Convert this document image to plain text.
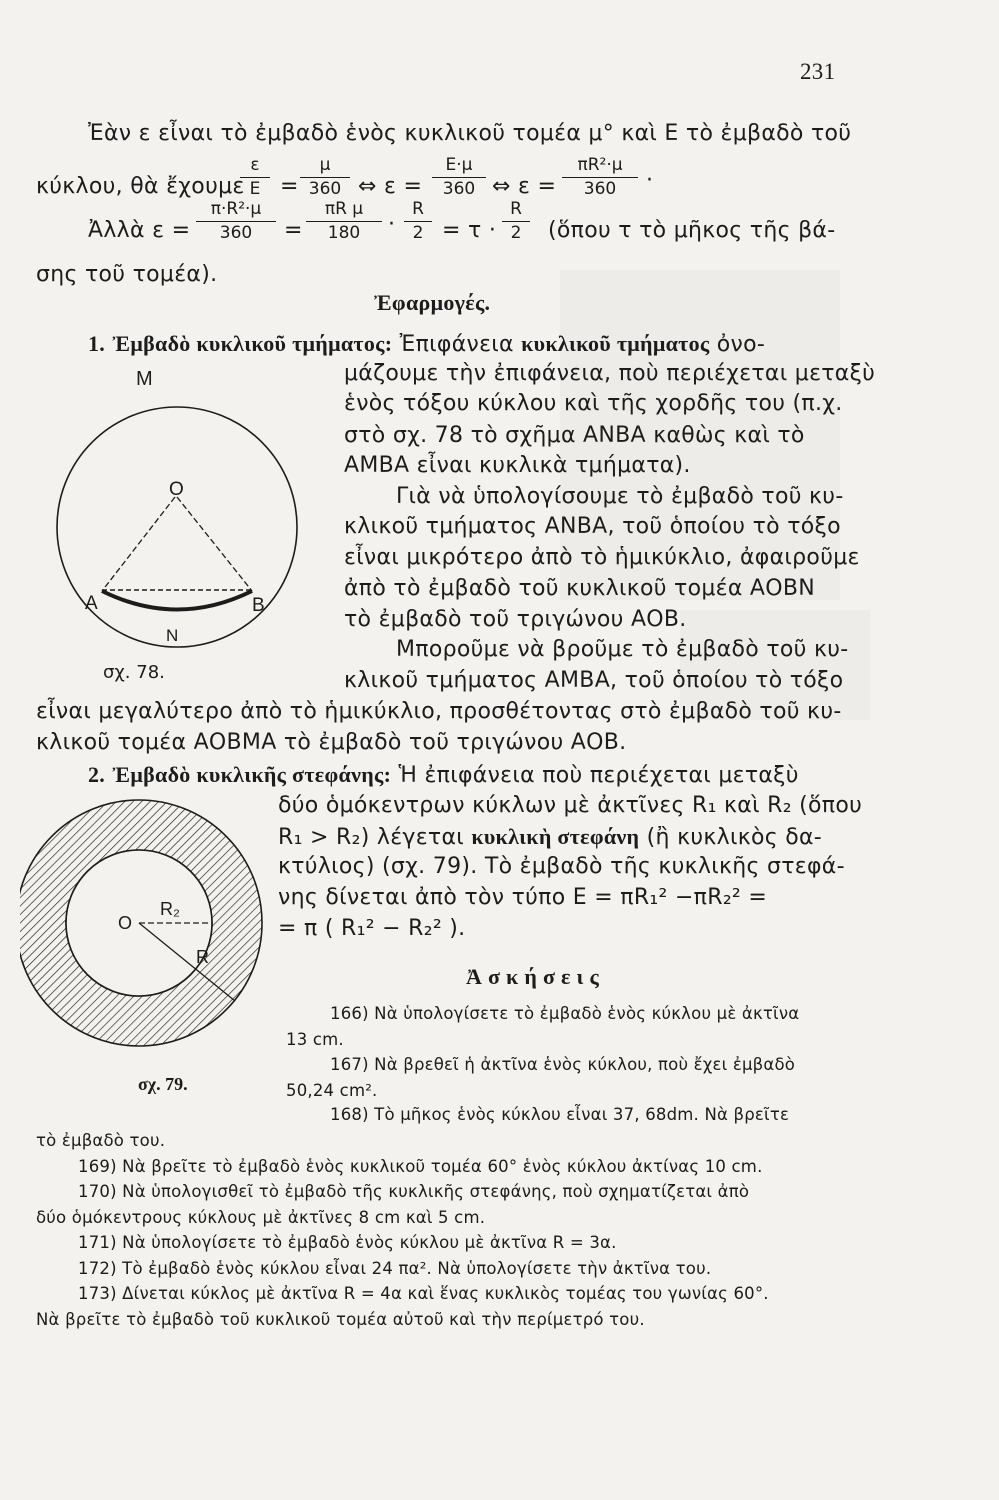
231
Ἐὰν ε εἶναι τὸ ἐμβαδὸ ἑνὸς κυκλικοῦ τομέα μ° καὶ Ε τὸ ἐμβαδὸ τοῦ
κύκλου, θὰ ἔχουμε
ε
E =
μ
360 ⇔ ε =
E·μ
360 ⇔ ε =
πR²·μ
360	·
Ἀλλὰ ε =
π·R²·μ
360	=
πR μ
180	·
R
2 = τ ·
R
2	(ὅπου τ τὸ μῆκος τῆς βά-
σης τοῦ τομέα).
Ἐφαρμογές.
1. Ἐμβαδὸ κυκλικοῦ τμήματος: Ἐπιφάνεια κυκλικοῦ τμήματος ὀνο-
μάζουμε τὴν ἐπιφάνεια, ποὺ περιέχεται μεταξὺ
ἑνὸς τόξου κύκλου καὶ τῆς χορδῆς του (π.χ.
στὸ σχ. 78 τὸ σχῆμα ΑΝΒΑ καθὼς καὶ τὸ
ΑΜΒΑ εἶναι κυκλικὰ τμήματα).
Γιὰ νὰ ὑπολογίσουμε τὸ ἐμβαδὸ τοῦ κυ-
κλικοῦ τμήματος ΑΝΒΑ, τοῦ ὁποίου τὸ τόξο
εἶναι μικρότερο ἀπὸ τὸ ἡμικύκλιο, ἀφαιροῦμε
ἀπὸ τὸ ἐμβαδὸ τοῦ κυκλικοῦ τομέα ΑΟΒΝ
τὸ ἐμβαδὸ τοῦ τριγώνου ΑΟΒ.
Μποροῦμε νὰ βροῦμε τὸ ἐμβαδὸ τοῦ κυ-
κλικοῦ τμήματος ΑΜΒΑ, τοῦ ὁποίου τὸ τόξο
εἶναι μεγαλύτερο ἀπὸ τὸ ἡμικύκλιο, προσθέτοντας στὸ ἐμβαδὸ τοῦ κυ-
κλικοῦ τομέα ΑΟΒΜΑ τὸ ἐμβαδὸ τοῦ τριγώνου ΑΟΒ.
M
O
A	B
N
σχ. 78.
2. Ἐμβαδὸ κυκλικῆς στεφάνης: Ἡ ἐπιφάνεια ποὺ περιέχεται μεταξὺ
δύο ὁμόκεντρων κύκλων μὲ ἀκτῖνες R₁ καὶ R₂ (ὅπου
R₁ > R₂) λέγεται κυκλικὴ στεφάνη (ἢ κυκλικὸς δα-
κτύλιος) (σχ. 79). Τὸ ἐμβαδὸ τῆς κυκλικῆς στεφά-
νης δίνεται ἀπὸ τὸν τύπο E = πR₁² −πR₂² =
= π ( R₁² − R₂² ).
O
R₂
R
σχ. 79.
Ἀ σ κ ή σ ε ι ς
166) Νὰ ὑπολογίσετε τὸ ἐμβαδὸ ἑνὸς κύκλου μὲ ἀκτῖνα
13 cm.
167) Νὰ βρεθεῖ ἡ ἀκτῖνα ἑνὸς κύκλου, ποὺ ἔχει ἐμβαδὸ
50,24 cm².
168) Τὸ μῆκος ἑνὸς κύκλου εἶναι 37, 68dm. Νὰ βρεῖτε
τὸ ἐμβαδὸ του.
169) Νὰ βρεῖτε τὸ ἐμβαδὸ ἑνὸς κυκλικοῦ τομέα 60° ἑνὸς κύκλου ἀκτίνας 10 cm.
170) Νὰ ὑπολογισθεῖ τὸ ἐμβαδὸ τῆς κυκλικῆς στεφάνης, ποὺ σχηματίζεται ἀπὸ
δύο ὁμόκεντρους κύκλους μὲ ἀκτῖνες 8 cm καὶ 5 cm.
171) Νὰ ὑπολογίσετε τὸ ἐμβαδὸ ἑνὸς κύκλου μὲ ἀκτῖνα R = 3α.
172) Τὸ ἐμβαδὸ ἑνὸς κύκλου εἶναι 24 πα². Νὰ ὑπολογίσετε τὴν ἀκτῖνα του.
173) Δίνεται κύκλος μὲ ἀκτῖνα R = 4α καὶ ἕνας κυκλικὸς τομέας του γωνίας 60°.
Νὰ βρεῖτε τὸ ἐμβαδὸ τοῦ κυκλικοῦ τομέα αὐτοῦ καὶ τὴν περίμετρό του.
